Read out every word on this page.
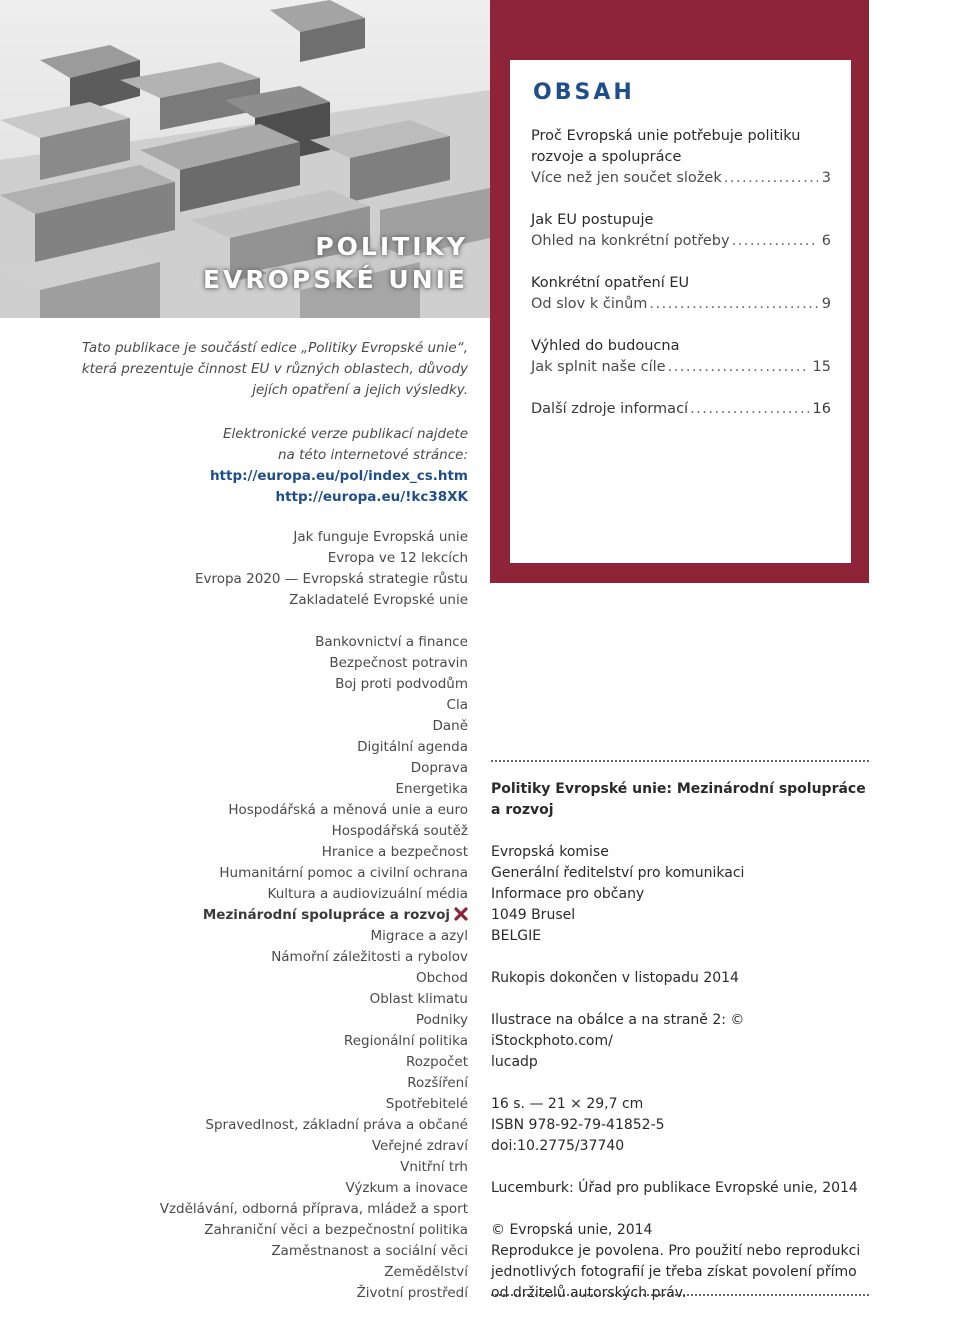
POLITIKY
EVROPSKÉ UNIE
Tato publikace je součástí edice „Politiky Evropské unie“,
která prezentuje činnost EU v různých oblastech, důvody
jejích opatření a jejich výsledky.
Elektronické verze publikací najdete
na této internetové stránce:
http://europa.eu/pol/index_cs.htm
http://europa.eu/!kc38XK
Jak funguje Evropská unie
Evropa ve 12 lekcích
Evropa 2020 — Evropská strategie růstu
Zakladatelé Evropské unie
Bankovnictví a finance
Bezpečnost potravin
Boj proti podvodům
Cla
Daně
Digitální agenda
Doprava
Energetika
Hospodářská a měnová unie a euro
Hospodářská soutěž
Hranice a bezpečnost
Humanitární pomoc a civilní ochrana
Kultura a audiovizuální média
Mezinárodní spolupráce a rozvoj
Migrace a azyl
Námořní záležitosti a rybolov
Obchod
Oblast klimatu
Podniky
Regionální politika
Rozpočet
Rozšíření
Spotřebitelé
Spravedlnost, základní práva a občané
Veřejné zdraví
Vnitřní trh
Výzkum a inovace
Vzdělávání, odborná příprava, mládež a sport
Zahraniční věci a bezpečnostní politika
Zaměstnanost a sociální věci
Zemědělství
Životní prostředí
OBSAH
Proč Evropská unie potřebuje politiku
rozvoje a spolupráce
Více než jen součet složek .....	3
Jak EU postupuje
Ohled na konkrétní potřeby .....	6
Konkrétní opatření EU
Od slov k činům .....	9
Výhled do budoucna
Jak splnit naše cíle .....	15
Další zdroje informací .....	16
Politiky Evropské unie: Mezinárodní spolupráce
a rozvoj
Evropská komise
Generální ředitelství pro komunikaci
Informace pro občany
1049 Brusel
BELGIE
Rukopis dokončen v listopadu 2014
Ilustrace na obálce a na straně 2: © iStockphoto.com/
lucadp
16 s. — 21 × 29,7 cm
ISBN 978-92-79-41852-5
doi:10.2775/37740
Lucemburk: Úřad pro publikace Evropské unie, 2014
© Evropská unie, 2014
Reprodukce je povolena. Pro použití nebo reprodukci
jednotlivých fotografií je třeba získat povolení přímo
od držitelů autorských práv.
